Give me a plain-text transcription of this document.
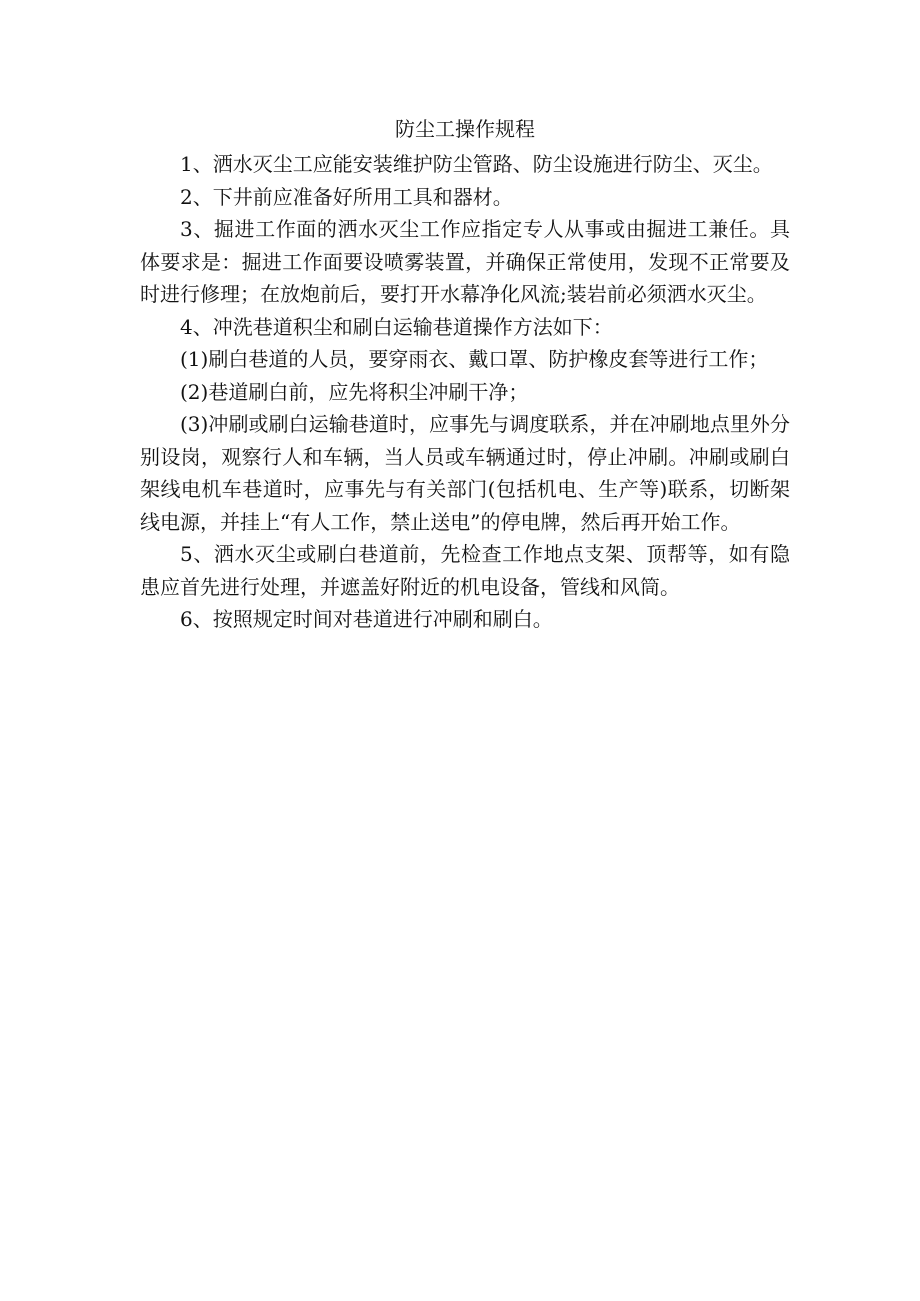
防尘工操作规程

1、洒水灭尘工应能安装维护防尘管路、防尘设施进行防尘、灭尘。

2、下井前应准备好所用工具和器材。

3、掘进工作面的洒水灭尘工作应指定专人从事或由掘进工兼任。具体要求是：掘进工作面要设喷雾装置，并确保正常使用，发现不正常要及时进行修理；在放炮前后，要打开水幕净化风流;装岩前必须洒水灭尘。

4、冲洗巷道积尘和刷白运输巷道操作方法如下：

(1)刷白巷道的人员，要穿雨衣、戴口罩、防护橡皮套等进行工作；

(2)巷道刷白前，应先将积尘冲刷干净；

(3)冲刷或刷白运输巷道时，应事先与调度联系，并在冲刷地点里外分别设岗，观察行人和车辆，当人员或车辆通过时，停止冲刷。冲刷或刷白架线电机车巷道时，应事先与有关部门(包括机电、生产等)联系，切断架线电源，并挂上“有人工作，禁止送电”的停电牌，然后再开始工作。

5、洒水灭尘或刷白巷道前，先检查工作地点支架、顶帮等，如有隐患应首先进行处理，并遮盖好附近的机电设备，管线和风筒。

6、按照规定时间对巷道进行冲刷和刷白。
